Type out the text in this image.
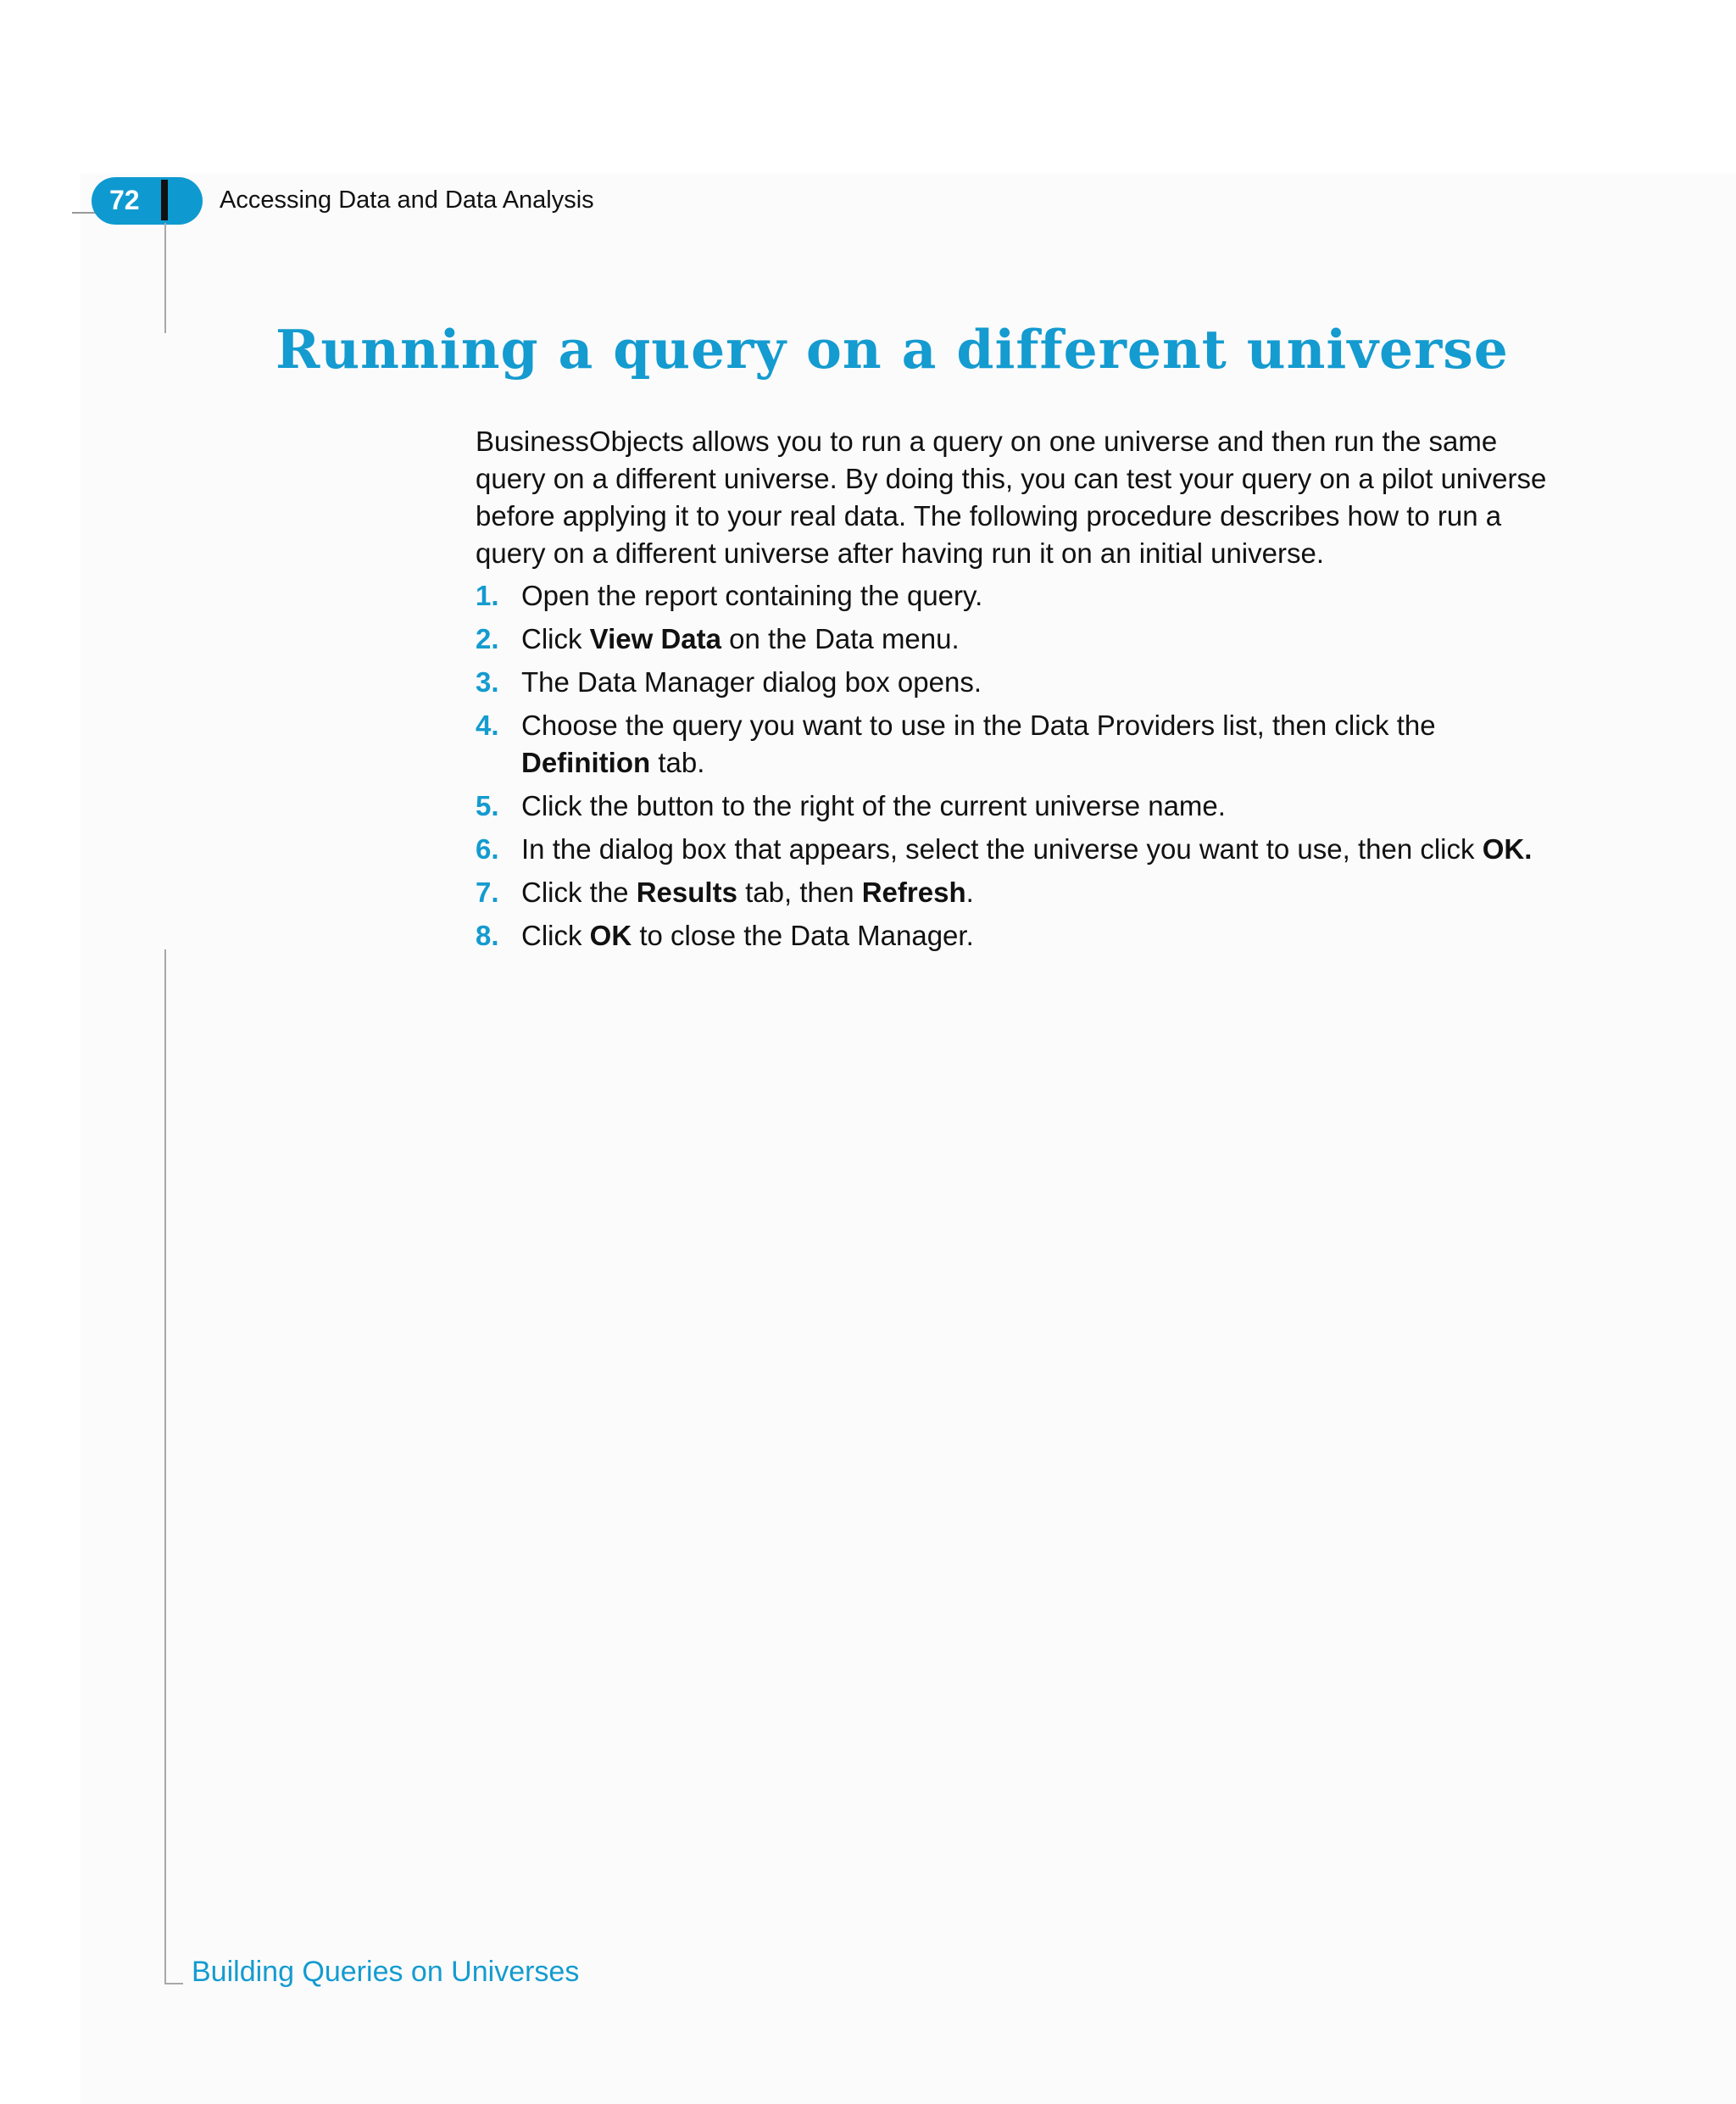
72	Accessing Data and Data Analysis
Running a query on a different universe

BusinessObjects allows you to run a query on one universe and then run the same query on a different universe. By doing this, you can test your query on a pilot universe before applying it to your real data. The following procedure describes how to run a query on a different universe after having run it on an initial universe.

1. Open the report containing the query.
2. Click View Data on the Data menu.
3. The Data Manager dialog box opens.
4. Choose the query you want to use in the Data Providers list, then click the Definition tab.
5. Click the button to the right of the current universe name.
6. In the dialog box that appears, select the universe you want to use, then click OK.
7. Click the Results tab, then Refresh.
8. Click OK to close the Data Manager.
Building Queries on Universes
